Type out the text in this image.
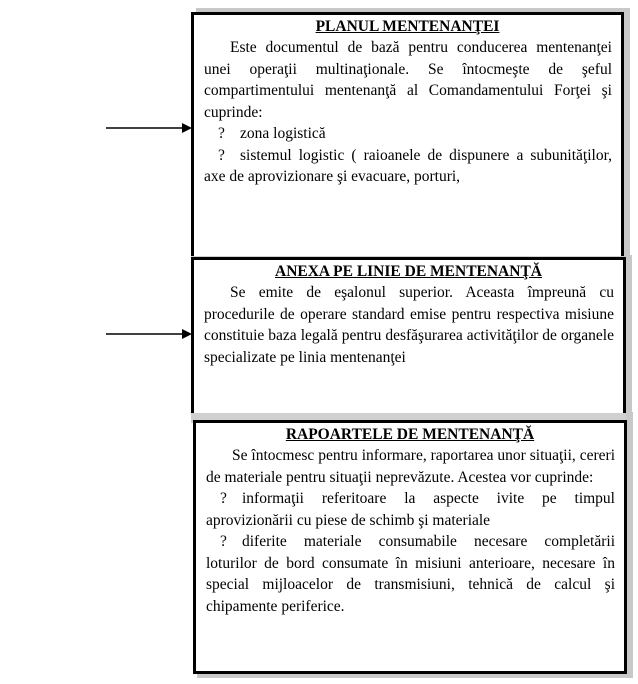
PLANUL MENTENANŢEI

Este documentul de bază pentru conducerea mentenanţei unei operaţii multinaţionale. Se întocmeşte de şeful compartimentului mentenanţă al Comandamentului Forţei şi cuprinde:

? zona logistică
? sistemul logistic ( raioanele de dispunere a subunităţilor, axe de aprovizionare şi evacuare, porturi,
ANEXA PE LINIE DE MENTENANŢĂ

Se emite de eşalonul superior. Aceasta împreună cu procedurile de operare standard emise pentru respectiva misiune constituie baza legală pentru desfăşurarea activităţilor de organele specializate pe linia mentenanţei

RAPOARTELE DE MENTENANŢĂ

Se întocmesc pentru informare, raportarea unor situaţii, cereri de materiale pentru situaţii neprevăzute. Acestea vor cuprinde:

? informaţii referitoare la aspecte ivite pe timpul aprovizionării cu piese de schimb şi materiale
? diferite materiale consumabile necesare completării loturilor de bord consumate în misiuni anterioare, necesare în special mijloacelor de transmisiuni, tehnică de calcul şi chipamente periferice.
